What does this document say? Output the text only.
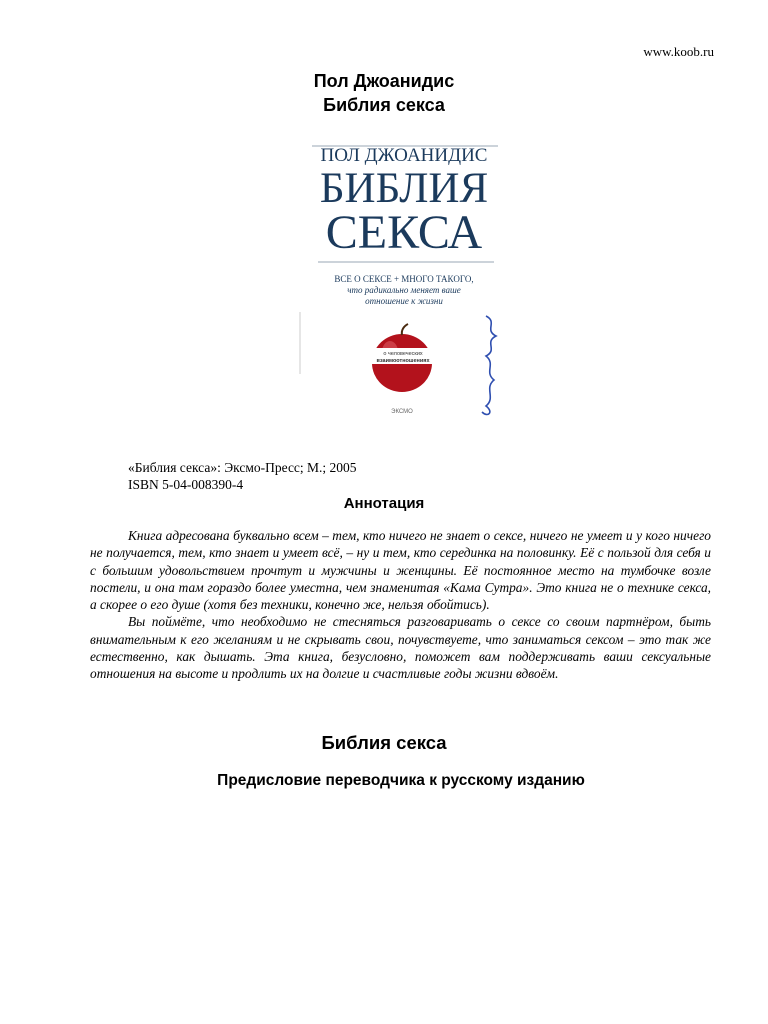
www.koob.ru
Пол Джоанидис
Библия секса
ПОЛ ДЖОАНИДИС
БИБЛИЯ
СЕКСА
ВСЕ О СЕКСЕ + МНОГО ТАКОГО,
что радикально меняет ваше
отношение к жизни
о человеческих
взаимоотношениях
ЭКСМО
«Библия секса»: Эксмо-Пресс; М.; 2005
ISBN 5-04-008390-4
Аннотация

Книга адресована буквально всем – тем, кто ничего не знает о сексе, ничего не умеет и у кого ничего не получается, тем, кто знает и умеет всё, – ну и тем, кто серединка на половинку. Её с пользой для себя и с большим удовольствием прочтут и мужчины и женщины. Её постоянное место на тумбочке возле постели, и она там гораздо более уместна, чем знаменитая «Кама Сутра». Это книга не о технике секса, а скорее о его душе (хотя без техники, конечно же, нельзя обойтись).

Вы поймёте, что необходимо не стесняться разговаривать о сексе со своим партнёром, быть внимательным к его желаниям и не скрывать свои, почувствуете, что заниматься сексом – это так же естественно, как дышать. Эта книга, безусловно, поможет вам поддерживать ваши сексуальные отношения на высоте и продлить их на долгие и счастливые годы жизни вдвоём.

Библия секса
Предисловие переводчика к русскому изданию
